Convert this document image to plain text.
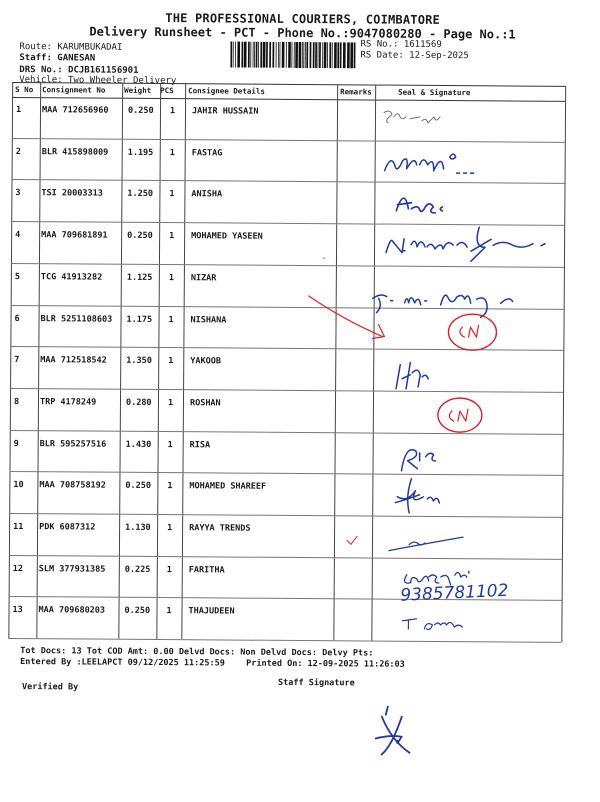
THE PROFESSIONAL COURIERS, COIMBATORE
Delivery Runsheet - PCT - Phone No.:9047080280 - Page No.:1
Route: KARUMBUKADAI
Staff: GANESAN
DRS No.: DCJB161156901
Vehicle: Two Wheeler Delivery
RS No.: 1611569
RS Date: 12-Sep-2025
S No Consignment No Weight PCS Consignee Details	Remarks	Seal & Signature
1 MAA 712656960 0.250 1 JAHIR HUSSAIN
2 BLR 415898009 1.195 1 FASTAG
3 TSI 20003313	1.250 1 ANISHA
4 MAA 709681891 0.250 1 MOHAMED YASEEN
5 TCG 41913282	1.125 1 NIZAR
6 BLR 5251108603 1.175 1 NISHANA
7 MAA 712518542 1.350 1 YAKOOB
8 TRP 4178249	0.280 1 ROSHAN
9 BLR 595257516 1.430 1 RISA
10 MAA 708758192 0.250 1 MOHAMED SHAREEF
11 PDK 6087312	1.130 1 RAYYA TRENDS
12 SLM 377931385 0.225 1 FARITHA
13 MAA 709680203 0.250 1 THAJUDEEN
Tot Docs: 13 Tot COD Amt: 0.00 Delvd Docs: Non Delvd Docs: Delvy Pts:
Entered By :LEELAPCT 09/12/2025 11:25:59 Printed On: 12-09-2025 11:26:03
Verified By	Staff Signature
9385781102
